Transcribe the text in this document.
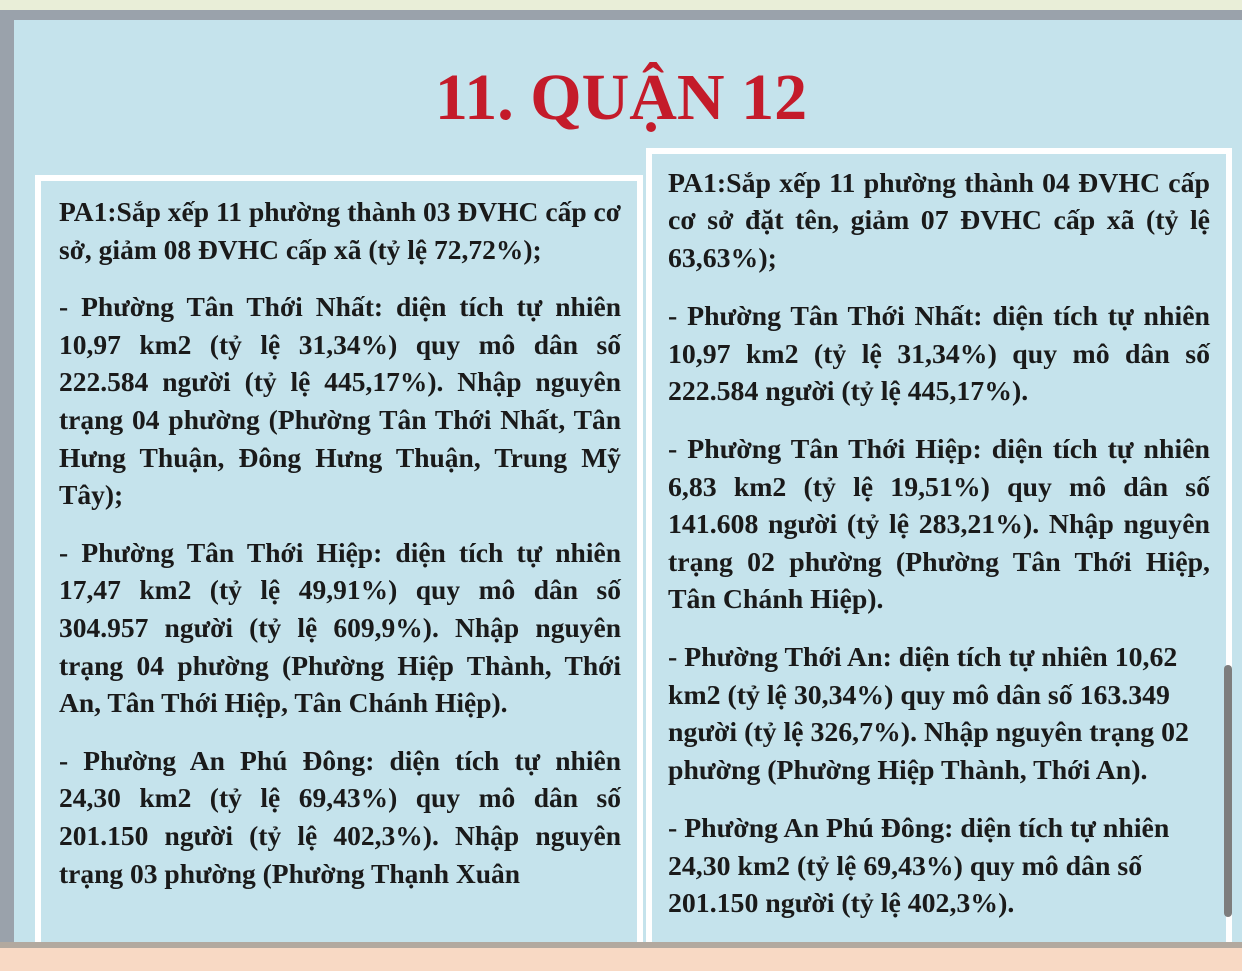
11. QUẬN 12

PA1:Sắp xếp 11 phường thành 03 ĐVHC cấp cơ sở, giảm 08 ĐVHC cấp xã (tỷ lệ 72,72%);

- Phường Tân Thới Nhất: diện tích tự nhiên 10,97 km2 (tỷ lệ 31,34%) quy mô dân số 222.584 người (tỷ lệ 445,17%). Nhập nguyên trạng 04 phường (Phường Tân Thới Nhất, Tân Hưng Thuận, Đông Hưng Thuận, Trung Mỹ Tây);

- Phường Tân Thới Hiệp: diện tích tự nhiên 17,47 km2 (tỷ lệ 49,91%) quy mô dân số 304.957 người (tỷ lệ 609,9%). Nhập nguyên trạng 04 phường (Phường Hiệp Thành, Thới An, Tân Thới Hiệp, Tân Chánh Hiệp).

- Phường An Phú Đông: diện tích tự nhiên 24,30 km2 (tỷ lệ 69,43%) quy mô dân số 201.150 người (tỷ lệ 402,3%). Nhập nguyên trạng 03 phường (Phường Thạnh Xuân

PA1:Sắp xếp 11 phường thành 04 ĐVHC cấp cơ sở đặt tên, giảm 07 ĐVHC cấp xã (tỷ lệ 63,63%);

- Phường Tân Thới Nhất: diện tích tự nhiên 10,97 km2 (tỷ lệ 31,34%) quy mô dân số 222.584 người (tỷ lệ 445,17%).

- Phường Tân Thới Hiệp: diện tích tự nhiên 6,83 km2 (tỷ lệ 19,51%) quy mô dân số 141.608 người (tỷ lệ 283,21%). Nhập nguyên trạng 02 phường (Phường Tân Thới Hiệp, Tân Chánh Hiệp).

- Phường Thới An: diện tích tự nhiên 10,62 km2 (tỷ lệ 30,34%) quy mô dân số 163.349 người (tỷ lệ 326,7%). Nhập nguyên trạng 02 phường (Phường Hiệp Thành, Thới An).

- Phường An Phú Đông: diện tích tự nhiên 24,30 km2 (tỷ lệ 69,43%) quy mô dân số 201.150 người (tỷ lệ 402,3%).
